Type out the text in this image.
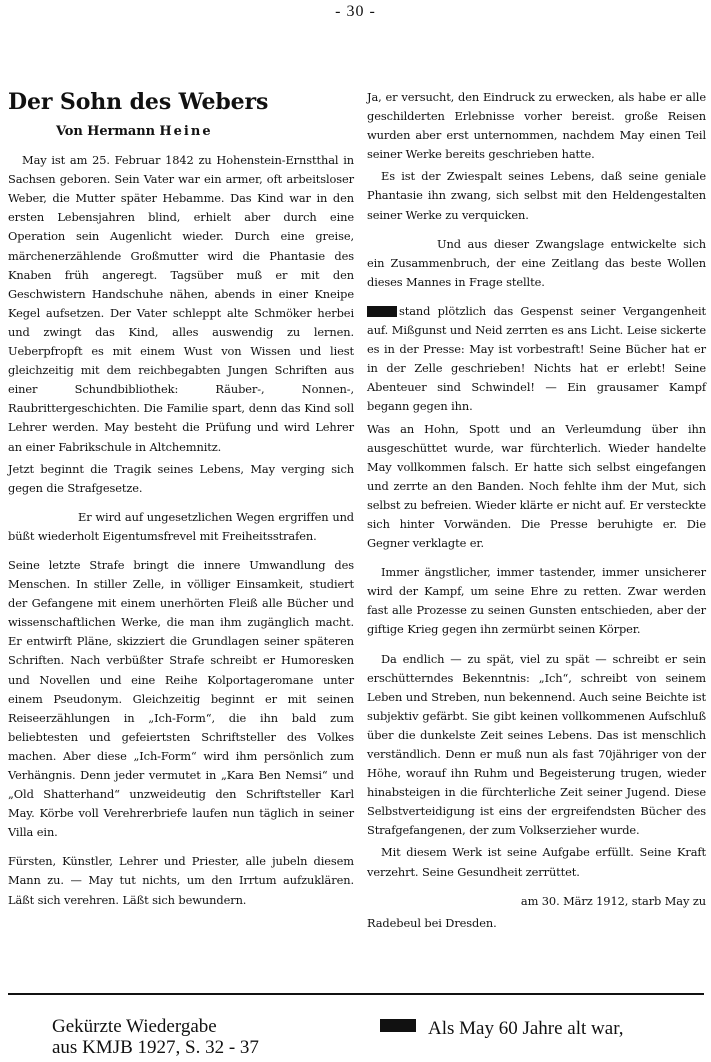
- 30 -
Der Sohn des Webers
Von Hermann Heine

May ist am 25. Februar 1842 zu Hohenstein-Ernstthal in Sachsen geboren. Sein Vater war ein armer, oft arbeitsloser Weber, die Mutter später Hebamme. Das Kind war in den ersten Lebensjahren blind, erhielt aber durch eine Operation sein Augenlicht wieder. Durch eine greise, märchenerzählende Großmutter wird die Phantasie des Knaben früh angeregt. Tagsüber muß er mit den Geschwistern Handschuhe nähen, abends in einer Kneipe Kegel aufsetzen. Der Vater schleppt alte Schmöker herbei und zwingt das Kind, alles auswendig zu lernen. Ueberpfropft es mit einem Wust von Wissen und liest gleichzeitig mit dem reichbegabten Jungen Schriften aus einer Schundbibliothek: Räuber-, Nonnen-, Raubrittergeschichten. Die Familie spart, denn das Kind soll Lehrer werden. May besteht die Prüfung und wird Lehrer an einer Fabrikschule in Altchemnitz.

Jetzt beginnt die Tragik seines Lebens, May verging sich gegen die Strafgesetze.

Er wird auf ungesetzlichen Wegen ergriffen und büßt wiederholt Eigentumsfrevel mit Freiheitsstrafen.

Seine letzte Strafe bringt die innere Umwandlung des Menschen. In stiller Zelle, in völliger Einsamkeit, studiert der Gefangene mit einem unerhörten Fleiß alle Bücher und wissenschaftlichen Werke, die man ihm zugänglich macht. Er entwirft Pläne, skizziert die Grundlagen seiner späteren Schriften. Nach verbüßter Strafe schreibt er Humoresken und Novellen und eine Reihe Kolportageromane unter einem Pseudonym. Gleichzeitig beginnt er mit seinen Reiseerzählungen in „Ich-Form“, die ihn bald zum beliebtesten und gefeiertsten Schriftsteller des Volkes machen. Aber diese „Ich-Form“ wird ihm persönlich zum Verhängnis. Denn jeder vermutet in „Kara Ben Nemsi“ und „Old Shatterhand“ unzweideutig den Schriftsteller Karl May. Körbe voll Verehrerbriefe laufen nun täglich in seiner Villa ein.

Fürsten, Künstler, Lehrer und Priester, alle jubeln diesem Mann zu. — May tut nichts, um den Irrtum aufzuklären. Läßt sich verehren. Läßt sich bewundern.

Ja, er versucht, den Eindruck zu erwecken, als habe er alle geschilderten Erlebnisse vorher bereist. große Reisen wurden aber erst unternommen, nachdem May einen Teil seiner Werke bereits geschrieben hatte.

Es ist der Zwiespalt seines Lebens, daß seine geniale Phantasie ihn zwang, sich selbst mit den Heldengestalten seiner Werke zu verquicken.

Und aus dieser Zwangslage entwickelte sich ein Zusammenbruch, der eine Zeitlang das beste Wollen dieses Mannes in Frage stellte.

stand plötzlich das Gespenst seiner Vergangenheit auf. Mißgunst und Neid zerrten es ans Licht. Leise sickerte es in der Presse: May ist vorbestraft! Seine Bücher hat er in der Zelle geschrieben! Nichts hat er erlebt! Seine Abenteuer sind Schwindel! — Ein grausamer Kampf begann gegen ihn.

Was an Hohn, Spott und an Verleumdung über ihn ausgeschüttet wurde, war fürchterlich. Wieder handelte May vollkommen falsch. Er hatte sich selbst eingefangen und zerrte an den Banden. Noch fehlte ihm der Mut, sich selbst zu befreien. Wieder klärte er nicht auf. Er versteckte sich hinter Vorwänden. Die Presse beruhigte er. Die Gegner verklagte er.

Immer ängstlicher, immer tastender, immer unsicherer wird der Kampf, um seine Ehre zu retten. Zwar werden fast alle Prozesse zu seinen Gunsten entschieden, aber der giftige Krieg gegen ihn zermürbt seinen Körper.

Da endlich — zu spät, viel zu spät — schreibt er sein erschütterndes Bekenntnis: „Ich“, schreibt von seinem Leben und Streben, nun bekennend. Auch seine Beichte ist subjektiv gefärbt. Sie gibt keinen vollkommenen Aufschluß über die dunkelste Zeit seines Lebens. Das ist menschlich verständlich. Denn er muß nun als fast 70jähriger von der Höhe, worauf ihn Ruhm und Begeisterung trugen, wieder hinabsteigen in die fürchterliche Zeit seiner Jugend. Diese Selbstverteidigung ist eins der ergreifendsten Bücher des Strafgefangenen, der zum Volkserzieher wurde.

Mit diesem Werk ist seine Aufgabe erfüllt. Seine Kraft verzehrt. Seine Gesundheit zerrüttet.

am 30. März 1912, starb May zu

Radebeul bei Dresden.

Gekürzte Wiedergabe
aus KMJB 1927, S. 32 - 37
Als May 60 Jahre alt war,
